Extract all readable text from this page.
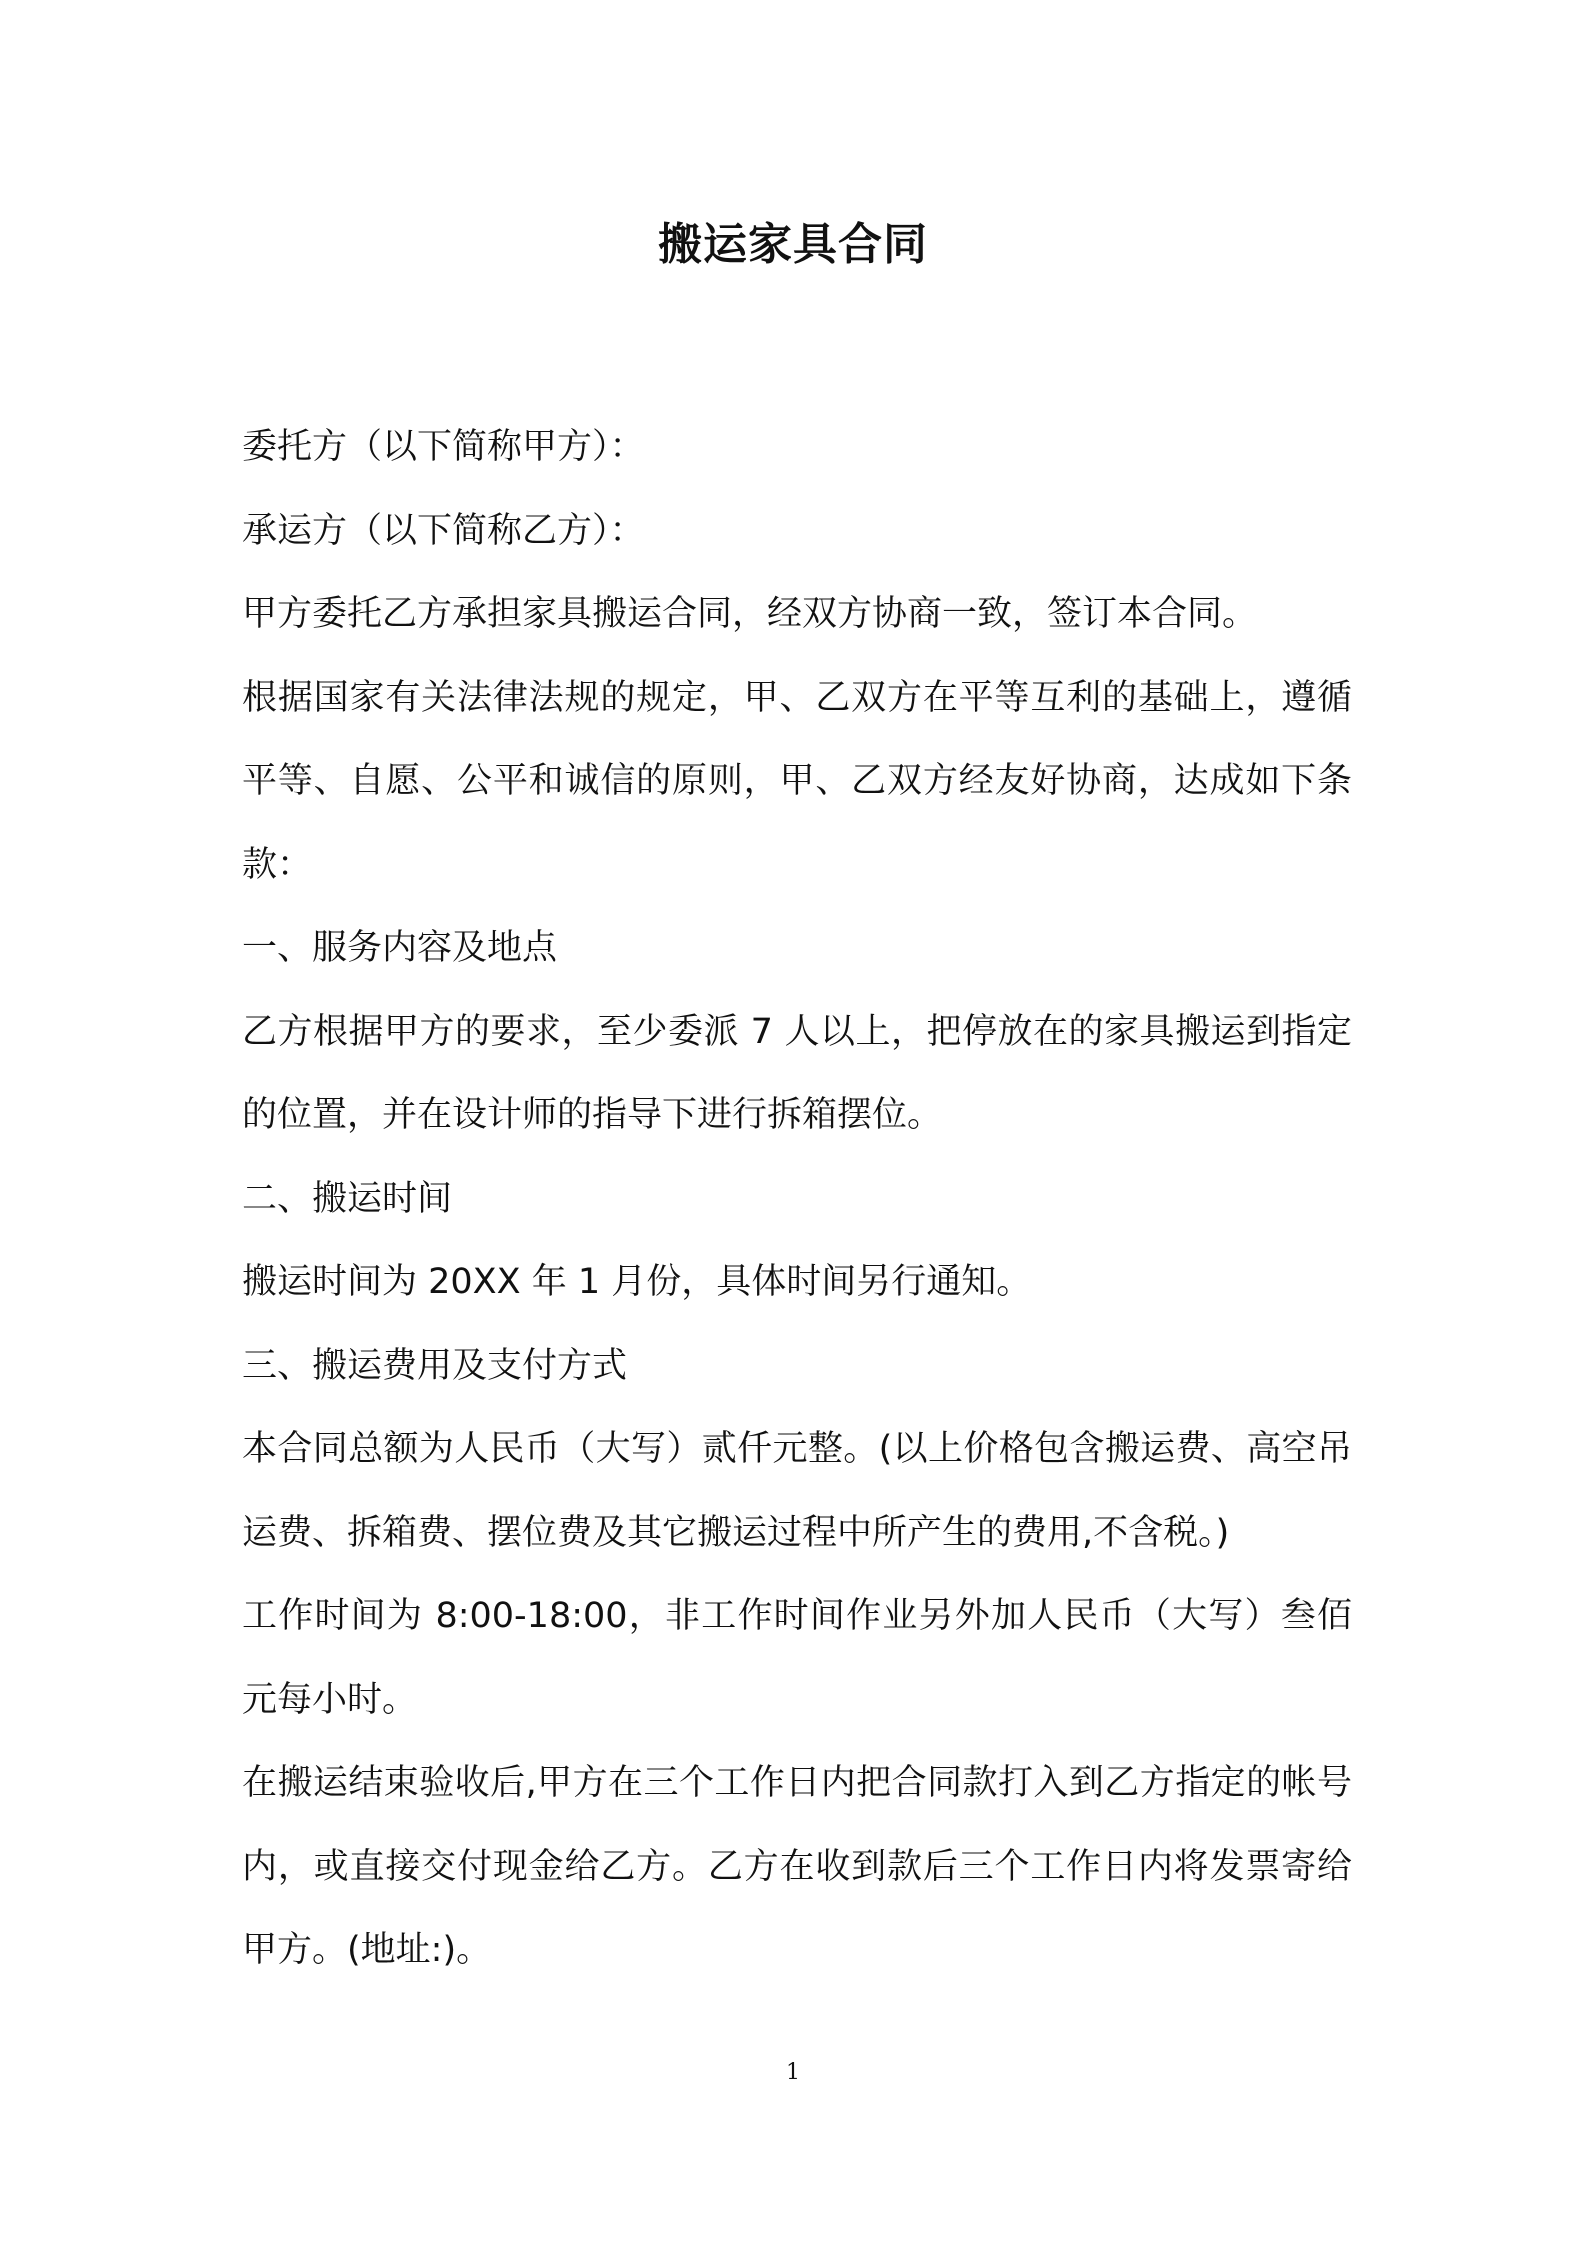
搬运家具合同

委托方（以下简称甲方）：

承运方（以下简称乙方）：

甲方委托乙方承担家具搬运合同，经双方协商一致，签订本合同。

根据国家有关法律法规的规定，甲、乙双方在平等互利的基础上，遵循平等、自愿、公平和诚信的原则，甲、乙双方经友好协商，达成如下条款：

一、服务内容及地点

乙方根据甲方的要求，至少委派 7 人以上，把停放在的家具搬运到指定的位置，并在设计师的指导下进行拆箱摆位。

二、搬运时间

搬运时间为 20XX 年 1 月份，具体时间另行通知。

三、搬运费用及支付方式

本合同总额为人民币（大写）贰仟元整。(以上价格包含搬运费、高空吊运费、拆箱费、摆位费及其它搬运过程中所产生的费用,不含税。)

工作时间为 8:00-18:00，非工作时间作业另外加人民币（大写）叁佰元每小时。

在搬运结束验收后,甲方在三个工作日内把合同款打入到乙方指定的帐号内，或直接交付现金给乙方。乙方在收到款后三个工作日内将发票寄给甲方。(地址:)。

1
